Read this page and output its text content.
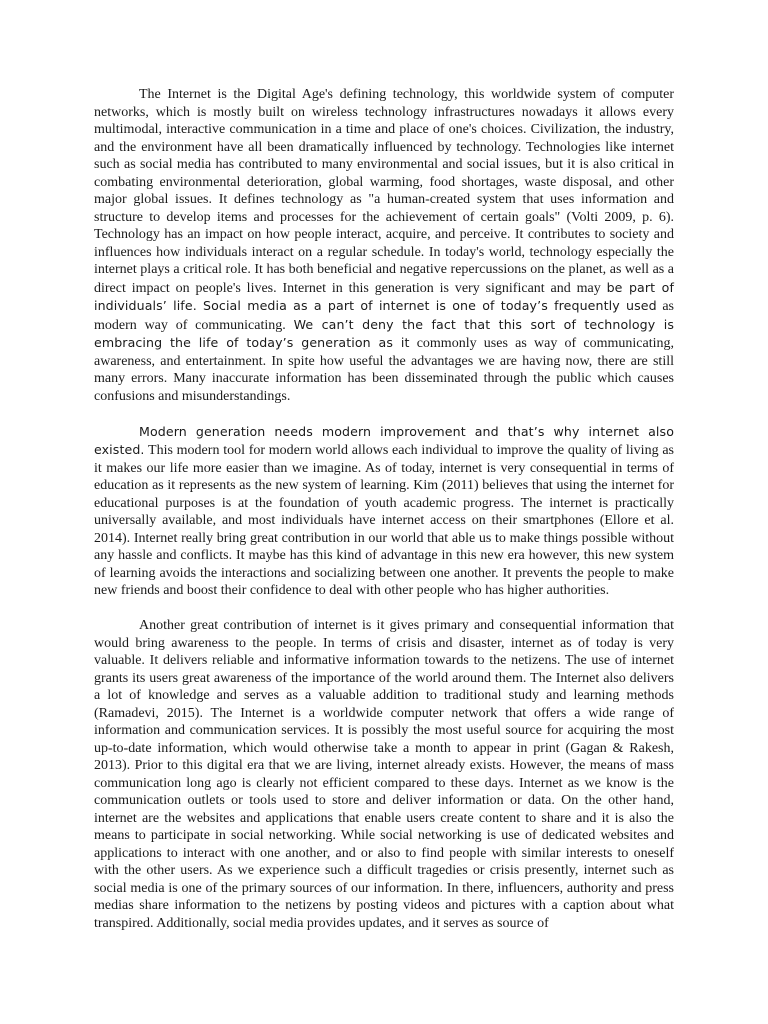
The Internet is the Digital Age's defining technology, this worldwide system of computer networks, which is mostly built on wireless technology infrastructures nowadays it allows every multimodal, interactive communication in a time and place of one's choices. Civilization, the industry, and the environment have all been dramatically influenced by technology. Technologies like internet such as social media has contributed to many environmental and social issues, but it is also critical in combating environmental deterioration, global warming, food shortages, waste disposal, and other major global issues. It defines technology as "a human-created system that uses information and structure to develop items and processes for the achievement of certain goals" (Volti 2009, p. 6). Technology has an impact on how people interact, acquire, and perceive. It contributes to society and influences how individuals interact on a regular schedule. In today's world, technology especially the internet plays a critical role. It has both beneficial and negative repercussions on the planet, as well as a direct impact on people's lives. Internet in this generation is very significant and may be part of individuals’ life. Social media as a part of internet is one of today’s frequently used as modern way of communicating. We can’t deny the fact that this sort of technology is embracing the life of today’s generation as it commonly uses as way of communicating, awareness, and entertainment. In spite how useful the advantages we are having now, there are still many errors. Many inaccurate information has been disseminated through the public which causes confusions and misunderstandings.

Modern generation needs modern improvement and that’s why internet also existed. This modern tool for modern world allows each individual to improve the quality of living as it makes our life more easier than we imagine. As of today, internet is very consequential in terms of education as it represents as the new system of learning. Kim (2011) believes that using the internet for educational purposes is at the foundation of youth academic progress. The internet is practically universally available, and most individuals have internet access on their smartphones (Ellore et al. 2014). Internet really bring great contribution in our world that able us to make things possible without any hassle and conflicts. It maybe has this kind of advantage in this new era however, this new system of learning avoids the interactions and socializing between one another. It prevents the people to make new friends and boost their confidence to deal with other people who has higher authorities.

Another great contribution of internet is it gives primary and consequential information that would bring awareness to the people. In terms of crisis and disaster, internet as of today is very valuable. It delivers reliable and informative information towards to the netizens. The use of internet grants its users great awareness of the importance of the world around them. The Internet also delivers a lot of knowledge and serves as a valuable addition to traditional study and learning methods (Ramadevi, 2015). The Internet is a worldwide computer network that offers a wide range of information and communication services. It is possibly the most useful source for acquiring the most up-to-date information, which would otherwise take a month to appear in print (Gagan & Rakesh, 2013). Prior to this digital era that we are living, internet already exists. However, the means of mass communication long ago is clearly not efficient compared to these days. Internet as we know is the communication outlets or tools used to store and deliver information or data. On the other hand, internet are the websites and applications that enable users create content to share and it is also the means to participate in social networking. While social networking is use of dedicated websites and applications to interact with one another, and or also to find people with similar interests to oneself with the other users. As we experience such a difficult tragedies or crisis presently, internet such as social media is one of the primary sources of our information. In there, influencers, authority and press medias share information to the netizens by posting videos and pictures with a caption about what transpired. Additionally, social media provides updates, and it serves as source of
